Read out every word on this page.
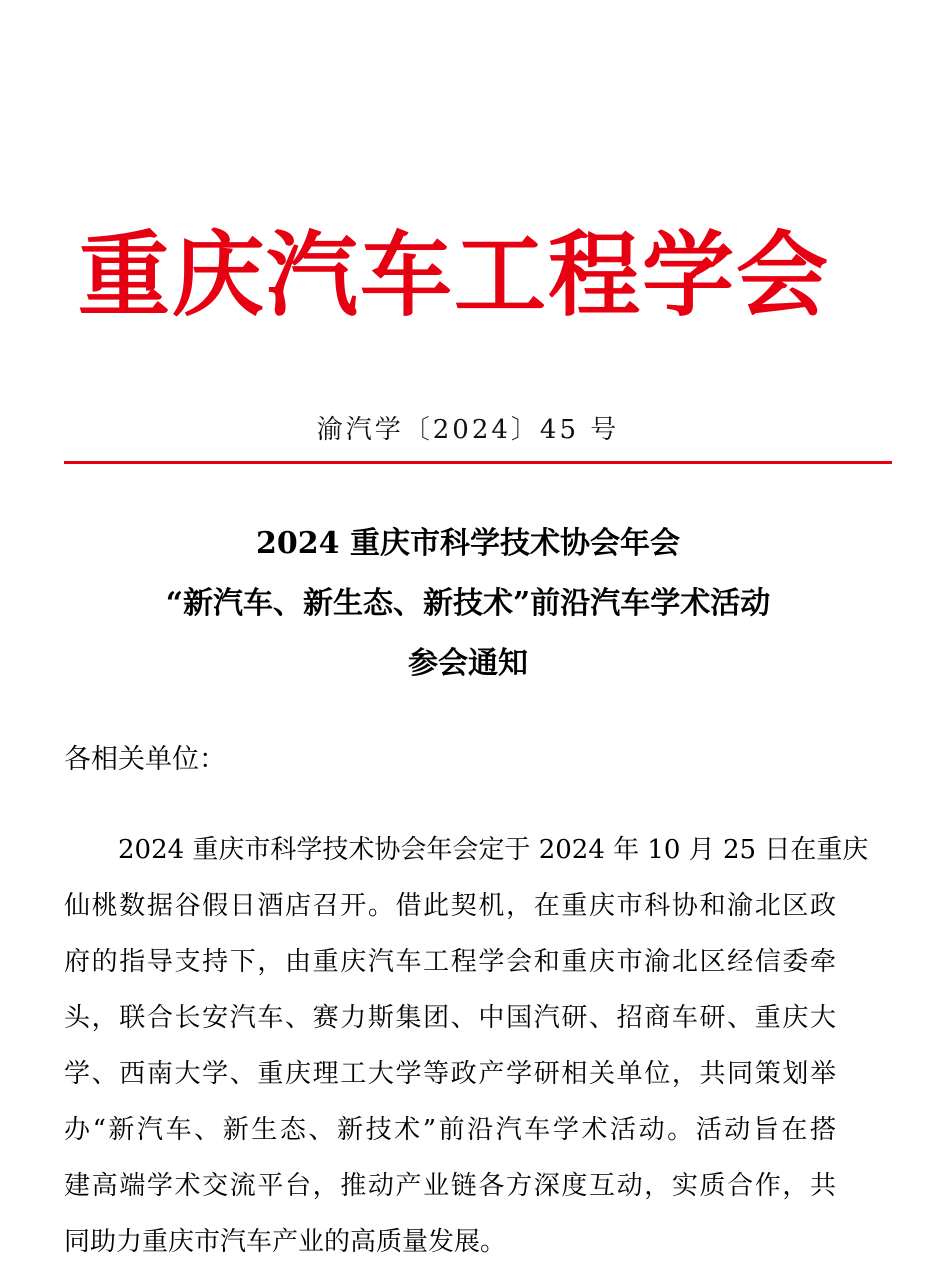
重庆汽车工程学会
渝汽学〔2024〕45 号
2024 重庆市科学技术协会年会
“新汽车、新生态、新技术”前沿汽车学术活动
参会通知

各相关单位：

2024 重庆市科学技术协会年会定于 2024 年 10 月 25 日在重庆
仙桃数据谷假日酒店召开。借此契机，在重庆市科协和渝北区政
府的指导支持下，由重庆汽车工程学会和重庆市渝北区经信委牵
头，联合长安汽车、赛力斯集团、中国汽研、招商车研、重庆大
学、西南大学、重庆理工大学等政产学研相关单位，共同策划举
办“新汽车、新生态、新技术”前沿汽车学术活动。活动旨在搭
建高端学术交流平台，推动产业链各方深度互动，实质合作，共
同助力重庆市汽车产业的高质量发展。
